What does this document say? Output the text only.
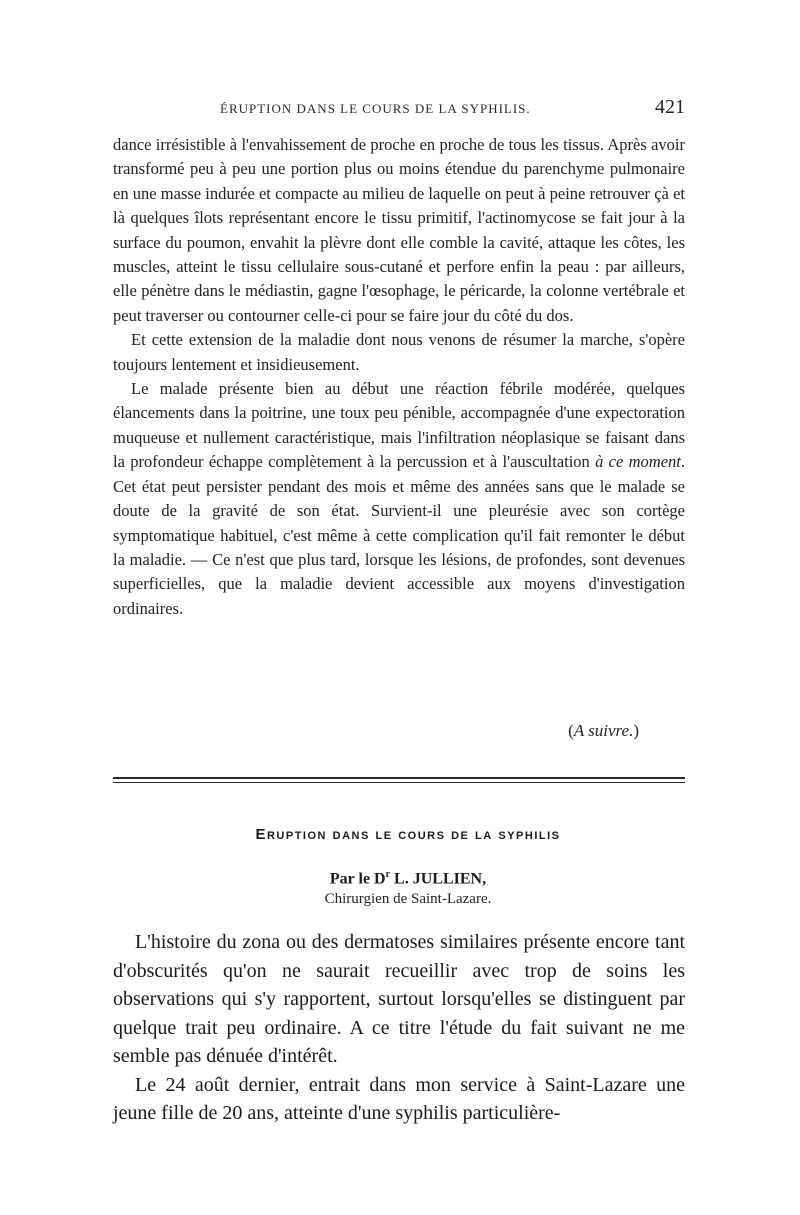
ÉRUPTION DANS LE COURS DE LA SYPHILIS.	421

dance irrésistible à l'envahissement de proche en proche de tous les tissus. Après avoir transformé peu à peu une portion plus ou moins étendue du parenchyme pulmonaire en une masse indurée et compacte au milieu de laquelle on peut à peine retrouver çà et là quelques îlots représentant encore le tissu primitif, l'actinomycose se fait jour à la surface du poumon, envahit la plèvre dont elle comble la cavité, attaque les côtes, les muscles, atteint le tissu cellulaire sous-cutané et perfore enfin la peau : par ailleurs, elle pénètre dans le médiastin, gagne l'œsophage, le péricarde, la colonne vertébrale et peut traverser ou contourner celle-ci pour se faire jour du côté du dos.

Et cette extension de la maladie dont nous venons de résumer la marche, s'opère toujours lentement et insidieusement.

Le malade présente bien au début une réaction fébrile modérée, quelques élancements dans la poitrine, une toux peu pénible, accompagnée d'une expectoration muqueuse et nullement caractéristique, mais l'infiltration néoplasique se faisant dans la profondeur échappe complètement à la percussion et à l'auscultation à ce moment. Cet état peut persister pendant des mois et même des années sans que le malade se doute de la gravité de son état. Survient-il une pleurésie avec son cortège symptomatique habituel, c'est même à cette complication qu'il fait remonter le début la maladie. — Ce n'est que plus tard, lorsque les lésions, de profondes, sont devenues superficielles, que la maladie devient accessible aux moyens d'investigation ordinaires.

(A suivre.)
Eruption dans le cours de la syphilis
Par le $D^r$ L. JULLIEN,
Chirurgien de Saint-Lazare.

L'histoire du zona ou des dermatoses similaires présente encore tant d'obscurités qu'on ne saurait recueillir avec trop de soins les observations qui s'y rapportent, surtout lorsqu'elles se distinguent par quelque trait peu ordinaire. A ce titre l'étude du fait suivant ne me semble pas dénuée d'intérêt.

Le 24 août dernier, entrait dans mon service à Saint-Lazare une jeune fille de 20 ans, atteinte d'une syphilis particulière-
